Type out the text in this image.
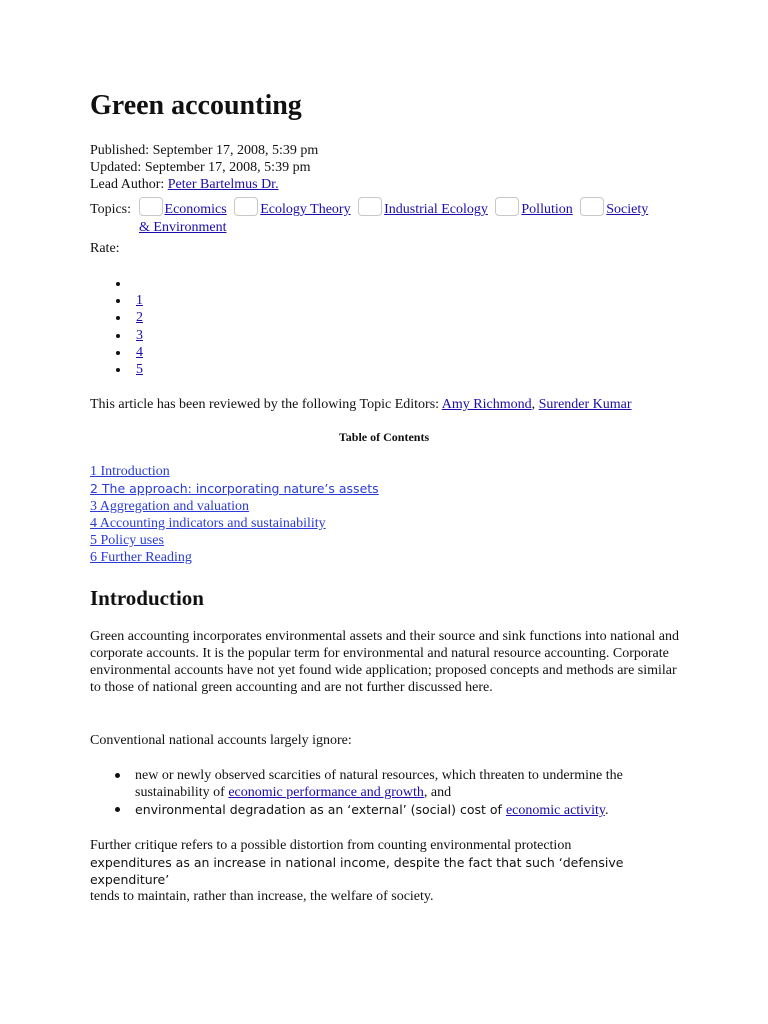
Green accounting
Published: September 17, 2008, 5:39 pm
Updated: September 17, 2008, 5:39 pm
Lead Author: Peter Bartelmus Dr.
Topics: Economics Ecology Theory Industrial Ecology Pollution Society
& Environment
Rate:
1
2
3
4
5
This article has been reviewed by the following Topic Editors: Amy Richmond, Surender Kumar
Table of Contents
1 Introduction
2 The approach: incorporating nature’s assets
3 Aggregation and valuation
4 Accounting indicators and sustainability
5 Policy uses
6 Further Reading
Introduction
Green accounting incorporates environmental assets and their source and sink functions into national and corporate accounts. It is the popular term for environmental and natural resource accounting. Corporate environmental accounts have not yet found wide application; proposed concepts and methods are similar to those of national green accounting and are not further discussed here.
Conventional national accounts largely ignore:
new or newly observed scarcities of natural resources, which threaten to undermine the sustainability of economic performance and growth, and
environmental degradation as an ‘external’ (social) cost of economic activity.
Further critique refers to a possible distortion from counting environmental protection
expenditures as an increase in national income, despite the fact that such ‘defensive expenditure’
tends to maintain, rather than increase, the welfare of society.
